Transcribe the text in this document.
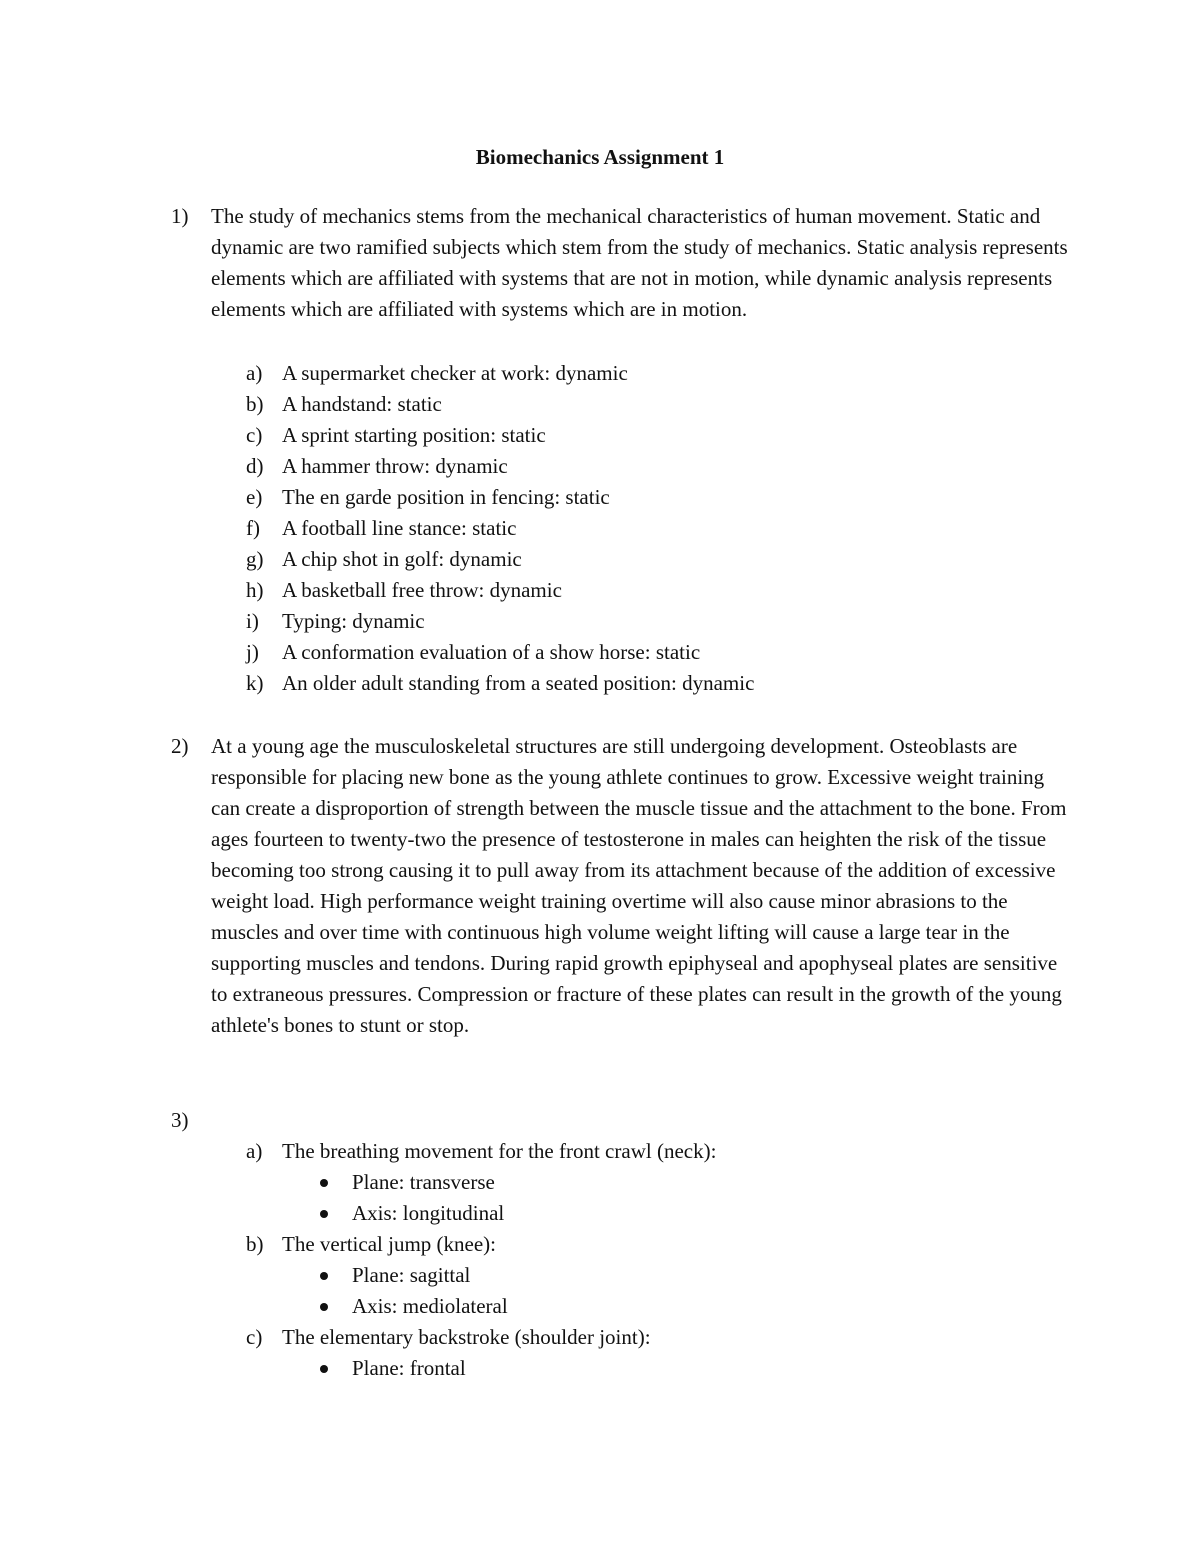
Biomechanics Assignment 1
1)	The study of mechanics stems from the mechanical characteristics of human movement. Static and dynamic are two ramified subjects which stem from the study of mechanics. Static analysis represents elements which are affiliated with systems that are not in motion, while dynamic analysis represents elements which are affiliated with systems which are in motion.
a) A supermarket checker at work: dynamic
b) A handstand: static
c) A sprint starting position: static
d) A hammer throw: dynamic
e) The en garde position in fencing: static
f) A football line stance: static
g) A chip shot in golf: dynamic
h) A basketball free throw: dynamic
i) Typing: dynamic
j) A conformation evaluation of a show horse: static
k) An older adult standing from a seated position: dynamic
2)	At a young age the musculoskeletal structures are still undergoing development. Osteoblasts are responsible for placing new bone as the young athlete continues to grow. Excessive weight training can create a disproportion of strength between the muscle tissue and the attachment to the bone. From ages fourteen to twenty-two the presence of testosterone in males can heighten the risk of the tissue becoming too strong causing it to pull away from its attachment because of the addition of excessive weight load. High performance weight training overtime will also cause minor abrasions to the muscles and over time with continuous high volume weight lifting will cause a large tear in the supporting muscles and tendons. During rapid growth epiphyseal and apophyseal plates are sensitive to extraneous pressures. Compression or fracture of these plates can result in the growth of the young athlete's bones to stunt or stop.
3)
a) The breathing movement for the front crawl (neck):
Plane: transverse
Axis: longitudinal
b) The vertical jump (knee):
Plane: sagittal
Axis: mediolateral
c) The elementary backstroke (shoulder joint):
Plane: frontal
